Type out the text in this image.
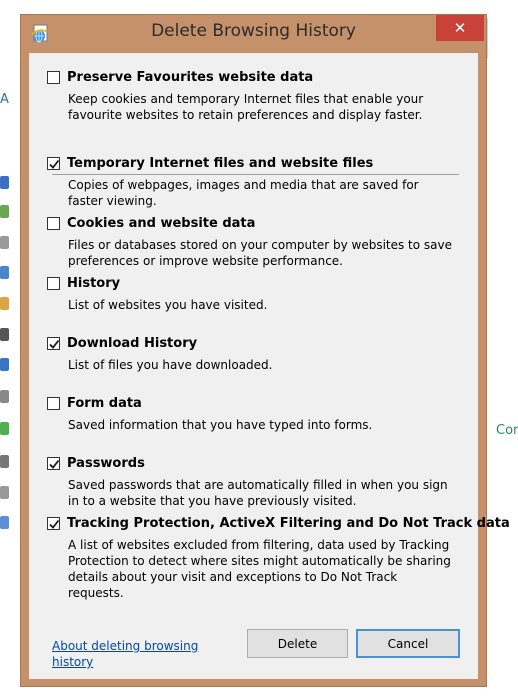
A
Cor
Delete Browsing History	✕
Preserve Favourites website data
Keep cookies and temporary Internet files that enable your favourite websites to retain preferences and display faster.
Temporary Internet files and website files
Copies of webpages, images and media that are saved for faster viewing.
Cookies and website data
Files or databases stored on your computer by websites to save preferences or improve website performance.
History
List of websites you have visited.
Download History
List of files you have downloaded.
Form data
Saved information that you have typed into forms.
Passwords
Saved passwords that are automatically filled in when you sign in to a website that you have previously visited.
Tracking Protection, ActiveX Filtering and Do Not Track data
A list of websites excluded from filtering, data used by Tracking Protection to detect where sites might automatically be sharing details about your visit and exceptions to Do Not Track requests.
About deleting browsing history
Delete	Cancel
